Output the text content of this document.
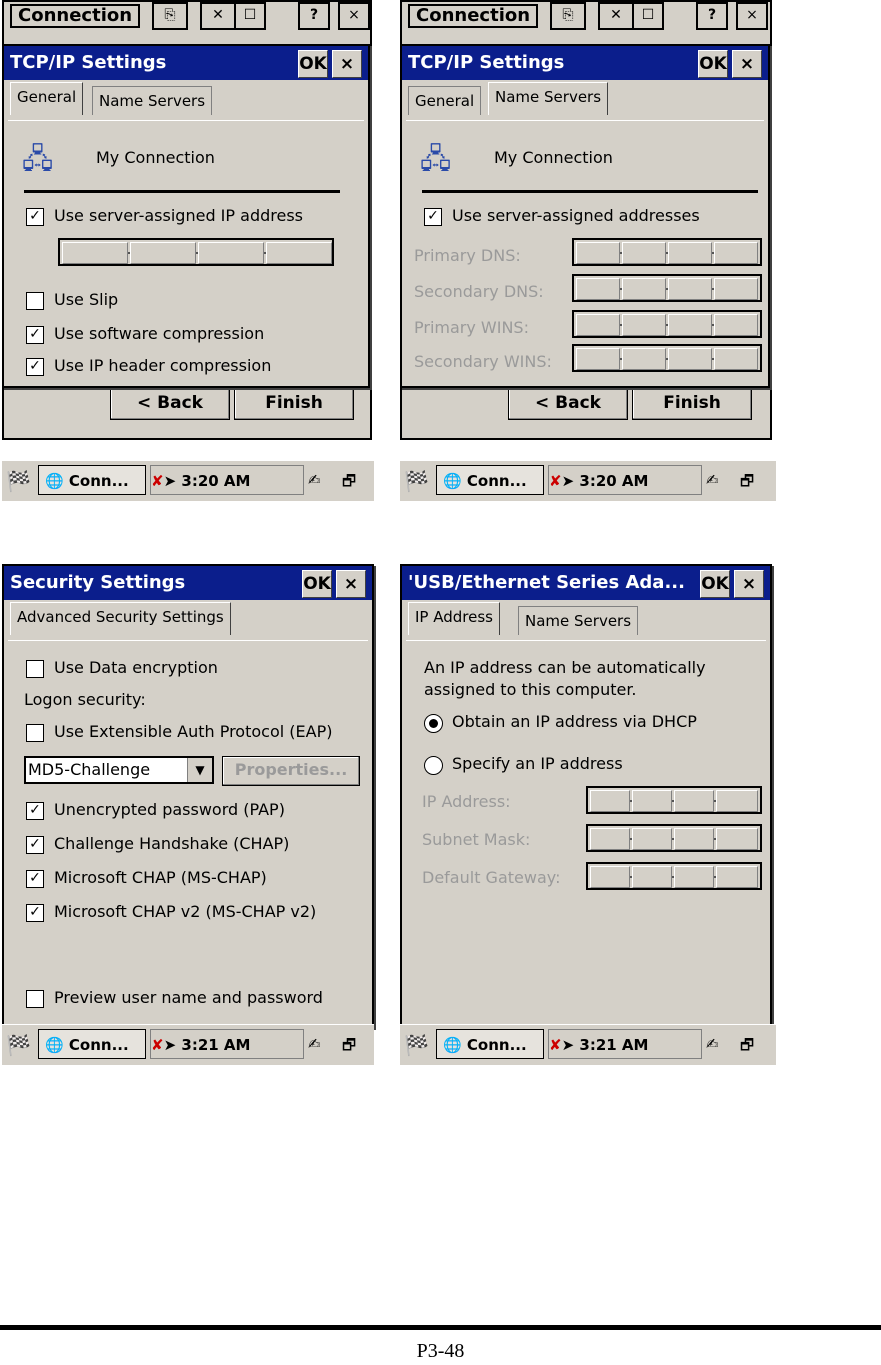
Connection	⎘	✕	☐	?	×
< Back	Finish
TCP/IP Settings	OK ×
General	Name Servers
🖧	My Connection
✓ Use server-assigned IP address
Use Slip
✓ Use software compression
✓ Use IP header compression
🏁 🌐 Conn...	✘➤ 3:20 AM	✍ 🗗
Connection	⎘	✕	☐	?	×
< Back	Finish
TCP/IP Settings	OK ×
General	Name Servers
🖧	My Connection
✓ Use server-assigned addresses
Primary DNS:
Secondary DNS:
Primary WINS:
Secondary WINS:
🏁 🌐 Conn...	✘➤ 3:20 AM	✍ 🗗
Security Settings	OK ×
Advanced Security Settings
Use Data encryption
Logon security:
Use Extensible Auth Protocol (EAP)
MD5-Challenge	▼	Properties...
✓ Unencrypted password (PAP)
✓ Challenge Handshake (CHAP)
✓ Microsoft CHAP (MS-CHAP)
✓ Microsoft CHAP v2 (MS-CHAP v2)
Preview user name and password
🏁 🌐 Conn...	✘➤ 3:21 AM	✍ 🗗
'USB/Ethernet Series Ada... OK ×
IP Address	Name Servers
An IP address can be automatically
assigned to this computer.
Obtain an IP address via DHCP
Specify an IP address
IP Address:
Subnet Mask:
Default Gateway:
🏁 🌐 Conn...	✘➤ 3:21 AM	✍ 🗗
P3-48
